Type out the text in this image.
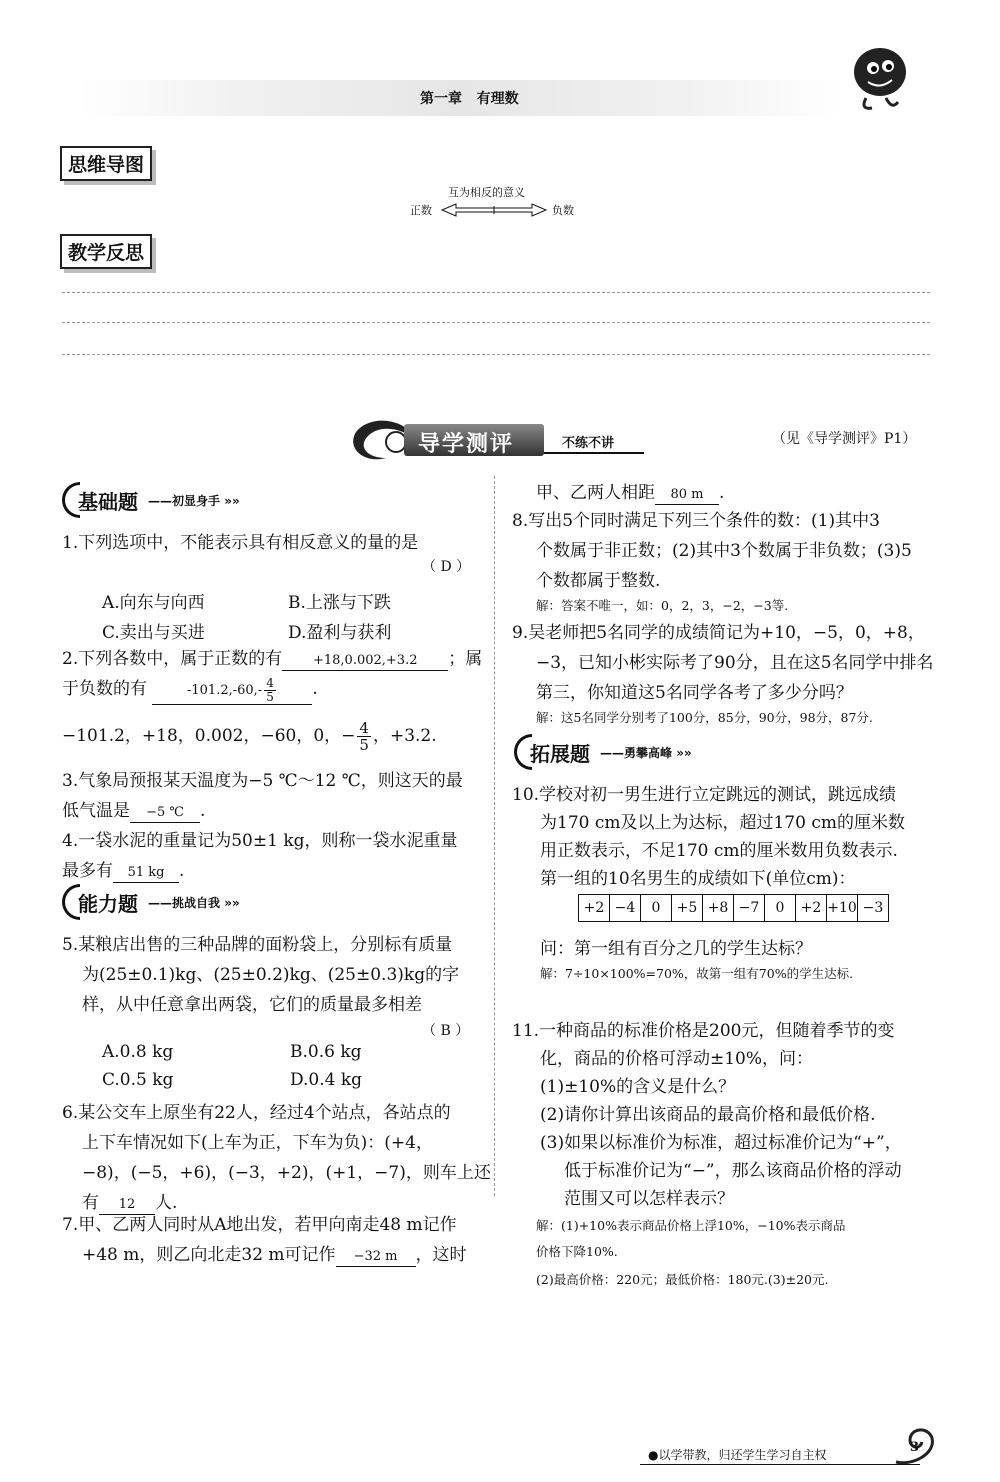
第一章 有理数
思维导图
互为相反的意义
正数	负数
教学反思
导学测评	不练不讲	（见《导学测评》P1）
基础题 ——初显身手 »»
1.下列选项中，不能表示具有相反意义的量的是
（ D ）
A.向东与向西	B.上涨与下跌
C.卖出与买进	D.盈利与获利
2.下列各数中，属于正数的有 +18,0.002,+3.2 ；属
于负数的有	$-101.2,-60,- \frac{4}{5}$ .
−101.2，+18，0.002，−60，0，− $\frac{4}{5}$ ，+3.2.
3.气象局预报某天温度为−5 ℃～12 ℃，则这天的最
低气温是 −5 ℃ .
4.一袋水泥的重量记为50±1 kg，则称一袋水泥重量
最多有 51 kg .
能力题 ——挑战自我 »»
5.某粮店出售的三种品牌的面粉袋上，分别标有质量
为(25±0.1)kg、(25±0.2)kg、(25±0.3)kg的字
样，从中任意拿出两袋，它们的质量最多相差
（ B ）
A.0.8 kg	B.0.6 kg
C.0.5 kg	D.0.4 kg
6.某公交车上原坐有22人，经过4个站点，各站点的
上下车情况如下(上车为正，下车为负)：(+4，
−8)，(−5，+6)，(−3，+2)，(+1，−7)，则车上还
有 12 人.
7.甲、乙两人同时从A地出发，若甲向南走48 m记作
+48 m，则乙向北走32 m可记作 −32 m ，这时
甲、乙两人相距 80 m .
8.写出5个同时满足下列三个条件的数：(1)其中3
个数属于非正数；(2)其中3个数属于非负数；(3)5
个数都属于整数.
解：答案不唯一，如：0，2，3，−2，−3等.
9.吴老师把5名同学的成绩简记为+10，−5，0，+8，
−3，已知小彬实际考了90分，且在这5名同学中排名
第三，你知道这5名同学各考了多少分吗？
解：这5名同学分别考了100分，85分，90分，98分，87分.
拓展题 ——勇攀高峰 »»
10.学校对初一男生进行立定跳远的测试，跳远成绩
为170 cm及以上为达标，超过170 cm的厘米数
用正数表示，不足170 cm的厘米数用负数表示.
第一组的10名男生的成绩如下(单位cm)：
+2	−4	0	+5	+8	−7	0	+2	+10	−3
问：第一组有百分之几的学生达标？
解：7÷10×100%=70%，故第一组有70%的学生达标.
11.一种商品的标准价格是200元，但随着季节的变
化，商品的价格可浮动±10%，问：
(1)±10%的含义是什么？
(2)请你计算出该商品的最高价格和最低价格.
(3)如果以标准价为标准，超过标准价记为“+”，
低于标准价记为“−”，那么该商品价格的浮动
范围又可以怎样表示？
解：(1)+10%表示商品价格上浮10%，−10%表示商品
价格下降10%.
(2)最高价格：220元；最低价格：180元.(3)±20元.
●以学带教，归还学生学习自主权	3
